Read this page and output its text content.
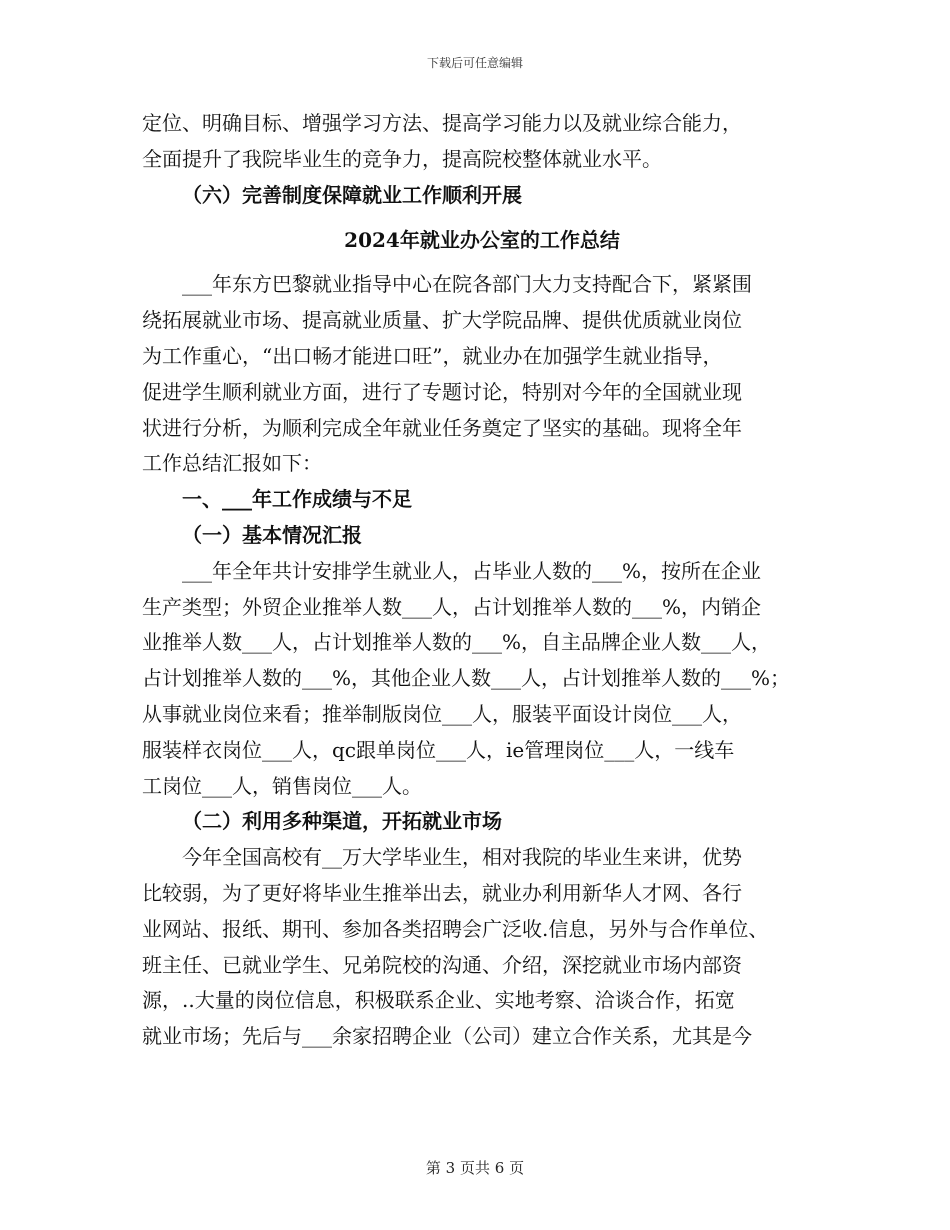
下载后可任意编辑
定位、明确目标、增强学习方法、提高学习能力以及就业综合能力，
全面提升了我院毕业生的竞争力，提高院校整体就业水平。
（六）完善制度保障就业工作顺利开展
2024年就业办公室的工作总结
___年东方巴黎就业指导中心在院各部门大力支持配合下，紧紧围
绕拓展就业市场、提高就业质量、扩大学院品牌、提供优质就业岗位
为工作重心，“出口畅才能进口旺”，就业办在加强学生就业指导，
促进学生顺利就业方面，进行了专题讨论，特别对今年的全国就业现
状进行分析，为顺利完成全年就业任务奠定了坚实的基础。现将全年
工作总结汇报如下：
一、___年工作成绩与不足
（一）基本情况汇报
___年全年共计安排学生就业人，占毕业人数的___%，按所在企业
生产类型；外贸企业推举人数___人，占计划推举人数的___%，内销企
业推举人数___人，占计划推举人数的___%，自主品牌企业人数___人，
占计划推举人数的___%，其他企业人数___人，占计划推举人数的___%；
从事就业岗位来看；推举制版岗位___人，服装平面设计岗位___人，
服装样衣岗位___人，qc跟单岗位___人，ie管理岗位___人，一线车
工岗位___人，销售岗位___人。
（二）利用多种渠道，开拓就业市场
今年全国高校有__万大学毕业生，相对我院的毕业生来讲，优势
比较弱，为了更好将毕业生推举出去，就业办利用新华人才网、各行
业网站、报纸、期刊、参加各类招聘会广泛收.信息，另外与合作单位、
班主任、已就业学生、兄弟院校的沟通、介绍，深挖就业市场内部资
源，..大量的岗位信息，积极联系企业、实地考察、洽谈合作，拓宽
就业市场；先后与___余家招聘企业（公司）建立合作关系，尤其是今
第 3 页共 6 页
